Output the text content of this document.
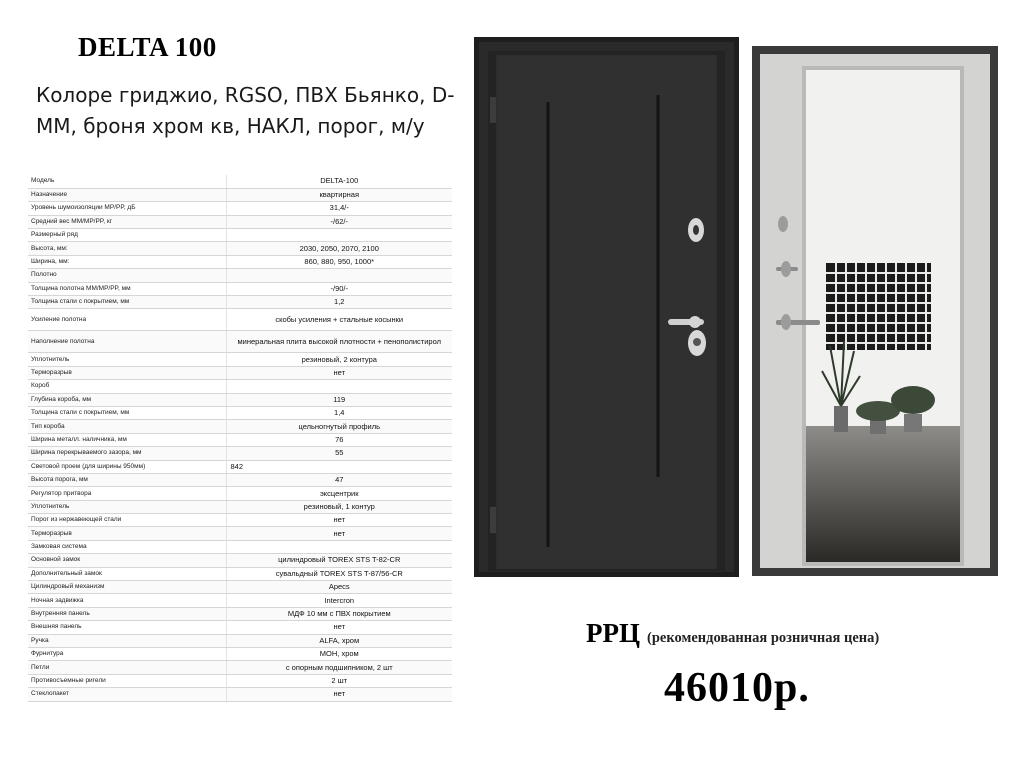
DELTA 100
Колоре гриджио, RGSO, ПВХ Бьянко, D-MM, броня хром кв, НАКЛ, порог, м/у
Модель	DELTA-100
Назначение	квартирная
Уровень шумоизоляции MP/PP, дБ	31,4/-
Средний вес MM/MP/PP, кг	-/62/-
Размерный ряд	
Высота, мм:	2030, 2050, 2070, 2100
Ширина, мм:	860, 880, 950, 1000*
Полотно	
Толщина полотна MM/MP/PP, мм	-/90/-
Толщина стали с покрытием, мм	1,2
Усиление полотна	скобы усиления + стальные косынки
Наполнение полотна	минеральная плита высокой плотности + пенополистирол
Уплотнитель	резиновый, 2 контура
Терморазрыв	нет
Короб	
Глубина короба, мм	119
Толщина стали с покрытием, мм	1,4
Тип короба	цельногнутый профиль
Ширина металл. наличника, мм	76
Ширина перекрываемого зазора, мм	55
Световой проем (для ширины 950мм)	842
Высота порога, мм	47
Регулятор притвора	эксцентрик
Уплотнитель	резиновый, 1 контур
Порог из нержавеющей стали	нет
Терморазрыв	нет
Замковая система	
Основной замок	цилиндровый TOREX STS T-82-CR
Дополнительный замок	сувальдный TOREX STS T-87/56-CR
Цилиндровый механизм	Apecs
Ночная задвижка	Intercron
Внутренняя панель	МДФ 10 мм с ПВХ покрытием
Внешняя панель	нет
Ручка	ALFA, хром
Фурнитура	МОН, хром
Петли	с опорным подшипником, 2 шт
Противосъемные ригели	2 шт
Стеклопакет	нет
РРЦ (рекомендованная розничная цена)
46010р.
